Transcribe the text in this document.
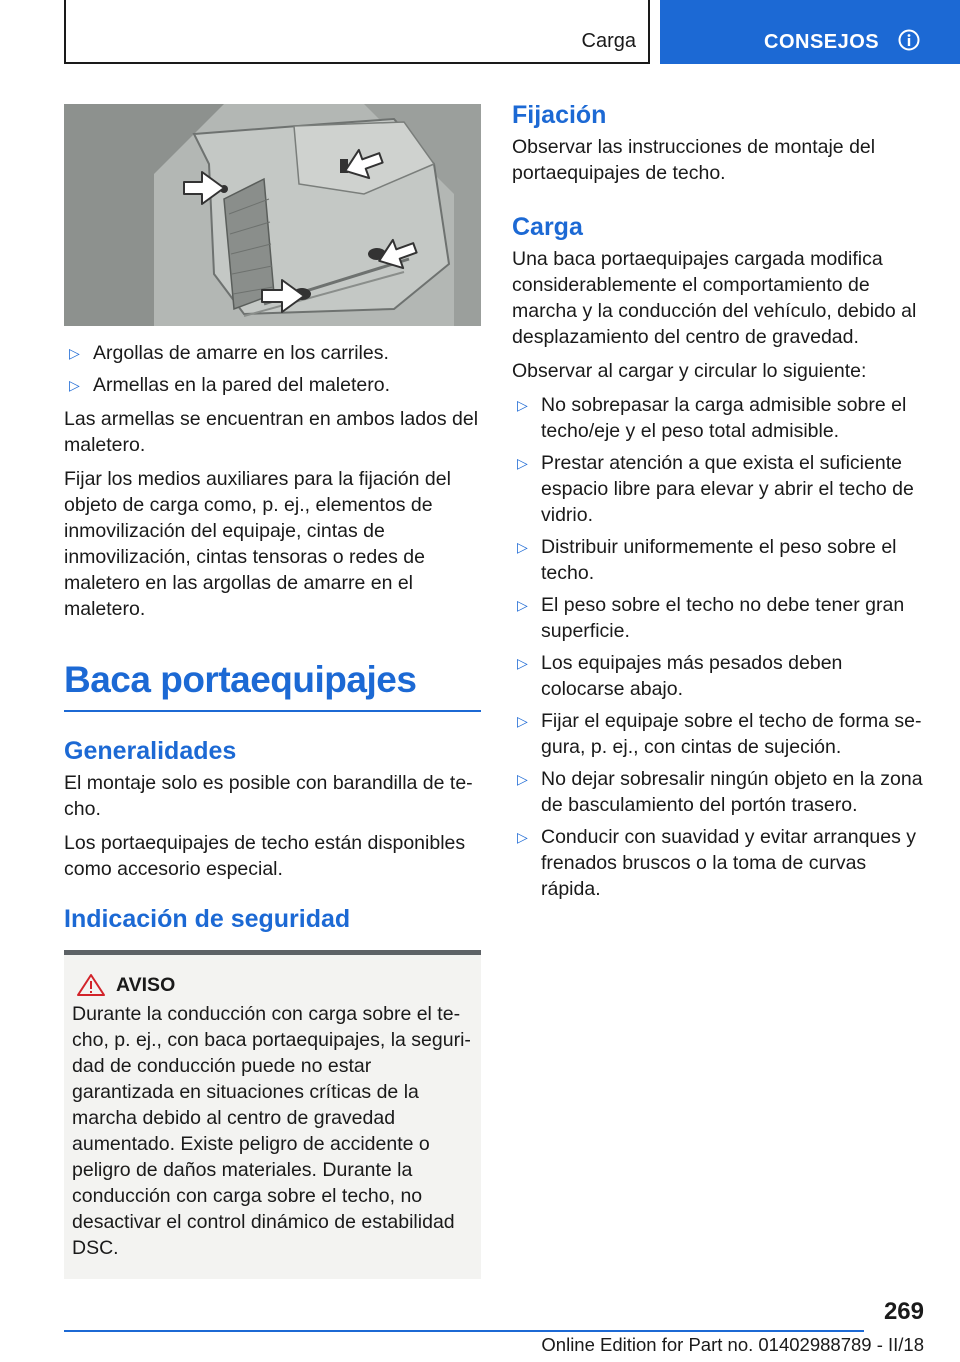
Carga	CONSEJOS
▷ Argollas de amarre en los carriles.
▷ Armellas en la pared del maletero.

Las armellas se encuentran en ambos lados del maletero.

Fijar los medios auxiliares para la fijación del objeto de carga como, p. ej., elementos de inmovilización del equipaje, cintas de inmovilización, cintas tensoras o redes de maletero en las argollas de amarre en el maletero.

Baca portaequipajes
Generalidades

El montaje solo es posible con barandilla de techo.

Los portaequipajes de techo están disponibles como accesorio especial.

Indicación de seguridad
AVISO

Durante la conducción con carga sobre el techo, p. ej., con baca portaequipajes, la seguridad de conducción puede no estar garantizada en situaciones críticas de la marcha debido al centro de gravedad aumentado. Existe peligro de accidente o peligro de daños materiales. Durante la conducción con carga sobre el techo, no desactivar el control dinámico de estabilidad DSC.

Fijación

Observar las instrucciones de montaje del portaequipajes de techo.

Carga

Una baca portaequipajes cargada modifica considerablemente el comportamiento de marcha y la conducción del vehículo, debido al desplazamiento del centro de gravedad.

Observar al cargar y circular lo siguiente:

▷ No sobrepasar la carga admisible sobre el techo/eje y el peso total admisible.
▷ Prestar atención a que exista el suficiente espacio libre para elevar y abrir el techo de vidrio.
▷ Distribuir uniformemente el peso sobre el techo.
▷ El peso sobre el techo no debe tener gran superficie.
▷ Los equipajes más pesados deben colocarse abajo.
▷ Fijar el equipaje sobre el techo de forma segura, p. ej., con cintas de sujeción.
▷ No dejar sobresalir ningún objeto en la zona de basculamiento del portón trasero.
▷ Conducir con suavidad y evitar arranques y frenados bruscos o la toma de curvas rápida.
269
Online Edition for Part no. 01402988789 - II/18
